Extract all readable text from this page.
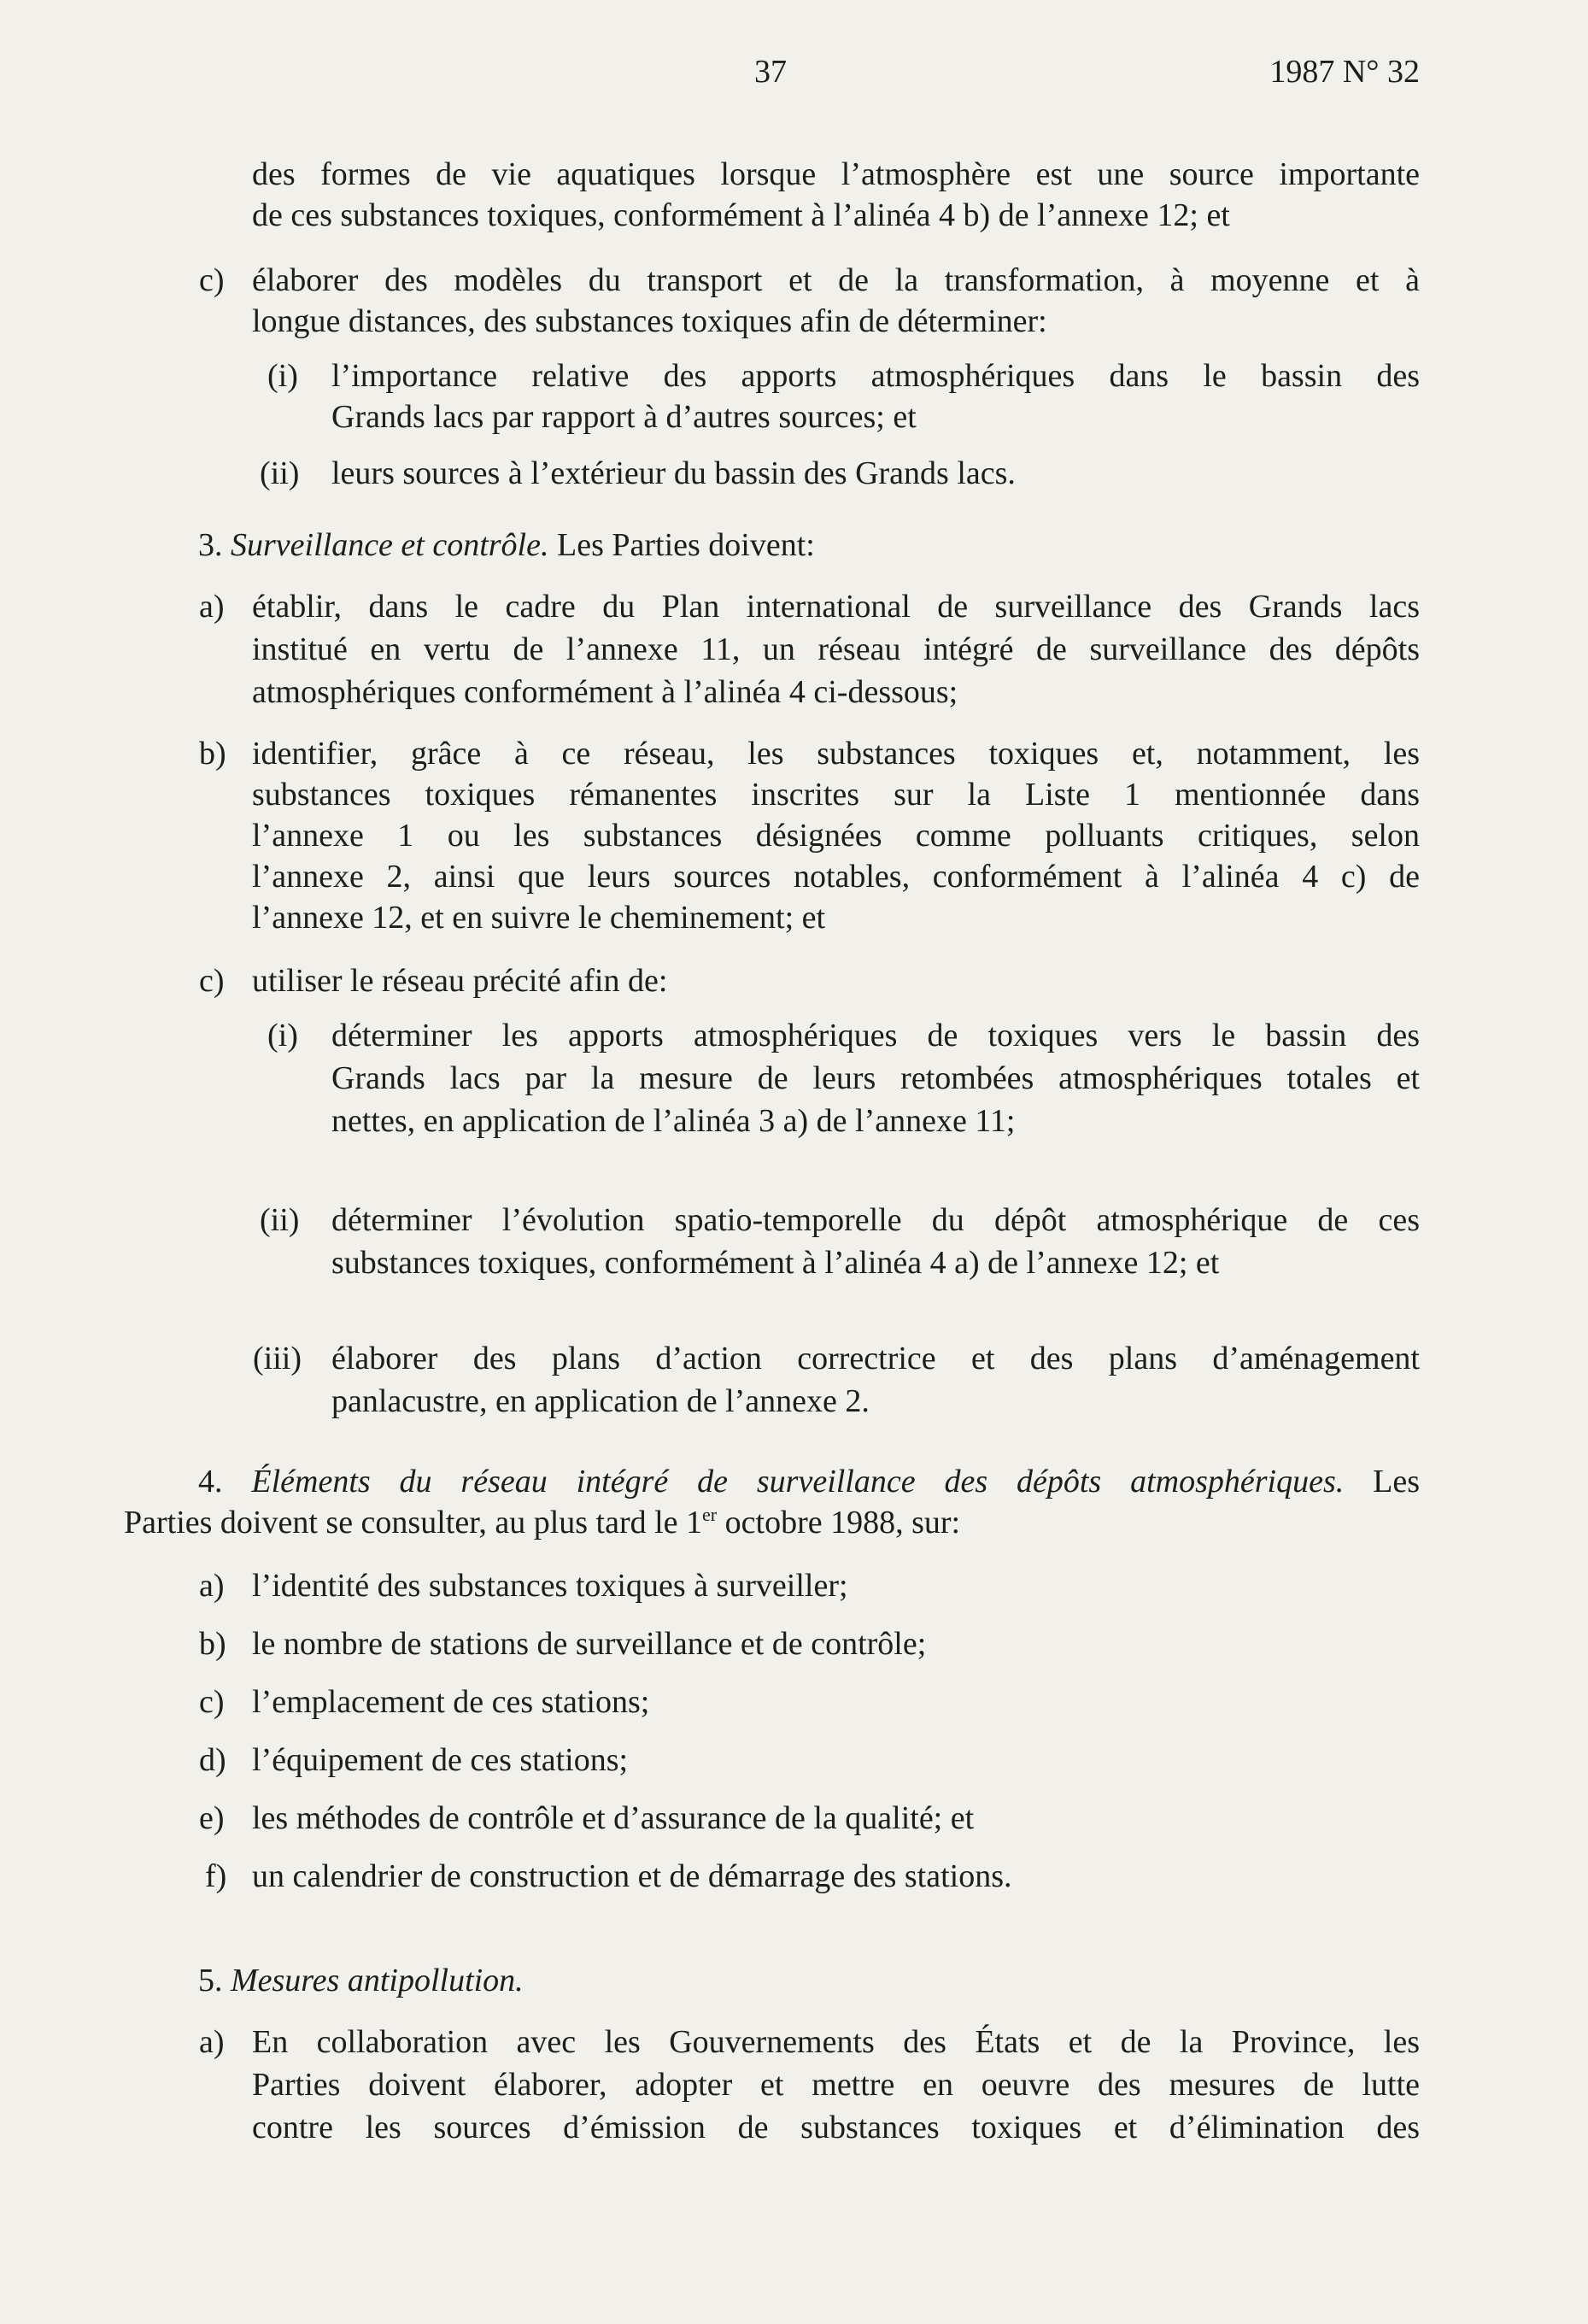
37	1987 N° 32
des formes de vie aquatiques lorsque l’atmosphère est une source importante
de ces substances toxiques, conformément à l’alinéa 4 b) de l’annexe 12; et
c) élaborer des modèles du transport et de la transformation, à moyenne et à
longue distances, des substances toxiques afin de déterminer:
(i) l’importance relative des apports atmosphériques dans le bassin des
Grands lacs par rapport à d’autres sources; et
(ii) leurs sources à l’extérieur du bassin des Grands lacs.
3. Surveillance et contrôle. Les Parties doivent:
a) établir, dans le cadre du Plan international de surveillance des Grands lacs
institué en vertu de l’annexe 11, un réseau intégré de surveillance des dépôts
atmosphériques conformément à l’alinéa 4 ci-dessous;
b) identifier, grâce à ce réseau, les substances toxiques et, notamment, les
substances toxiques rémanentes inscrites sur la Liste 1 mentionnée dans
l’annexe 1 ou les substances désignées comme polluants critiques, selon
l’annexe 2, ainsi que leurs sources notables, conformément à l’alinéa 4 c) de
l’annexe 12, et en suivre le cheminement; et
c) utiliser le réseau précité afin de:
(i) déterminer les apports atmosphériques de toxiques vers le bassin des
Grands lacs par la mesure de leurs retombées atmosphériques totales et
nettes, en application de l’alinéa 3 a) de l’annexe 11;
(ii) déterminer l’évolution spatio-temporelle du dépôt atmosphérique de ces
substances toxiques, conformément à l’alinéa 4 a) de l’annexe 12; et
(iii) élaborer des plans d’action correctrice et des plans d’aménagement
panlacustre, en application de l’annexe 2.
4. Éléments du réseau intégré de surveillance des dépôts atmosphériques. Les
Parties doivent se consulter, au plus tard le 1er octobre 1988, sur:
a) l’identité des substances toxiques à surveiller;
b) le nombre de stations de surveillance et de contrôle;
c) l’emplacement de ces stations;
d) l’équipement de ces stations;
e) les méthodes de contrôle et d’assurance de la qualité; et
f) un calendrier de construction et de démarrage des stations.
5. Mesures antipollution.
a) En collaboration avec les Gouvernements des États et de la Province, les
Parties doivent élaborer, adopter et mettre en oeuvre des mesures de lutte
contre les sources d’émission de substances toxiques et d’élimination des
